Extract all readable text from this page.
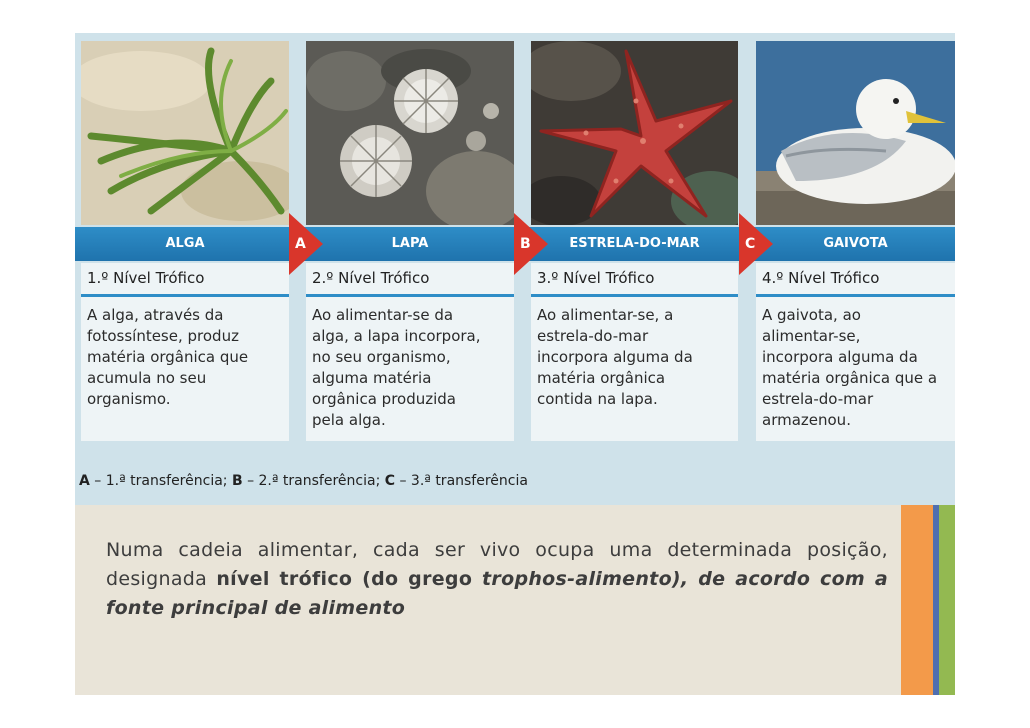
ALGA	LAPA	ESTRELA-DO-MAR	GAIVOTA
A	B	C
1.º Nível Trófico
A alga, através da
fotossíntese, produz
matéria orgânica que
acumula no seu
organismo.
2.º Nível Trófico
Ao alimentar-se da
alga, a lapa incorpora,
no seu organismo,
alguma matéria
orgânica produzida
pela alga.
3.º Nível Trófico
Ao alimentar-se, a
estrela-do-mar
incorpora alguma da
matéria orgânica
contida na lapa.
4.º Nível Trófico
A gaivota, ao
alimentar-se,
incorpora alguma da
matéria orgânica que a
estrela-do-mar
armazenou.
A – 1.ª transferência; B – 2.ª transferência; C – 3.ª transferência

Numa cadeia alimentar, cada ser vivo ocupa uma determinada posição, designada nível trófico (do grego trophos-alimento), de acordo com a fonte principal de alimento
